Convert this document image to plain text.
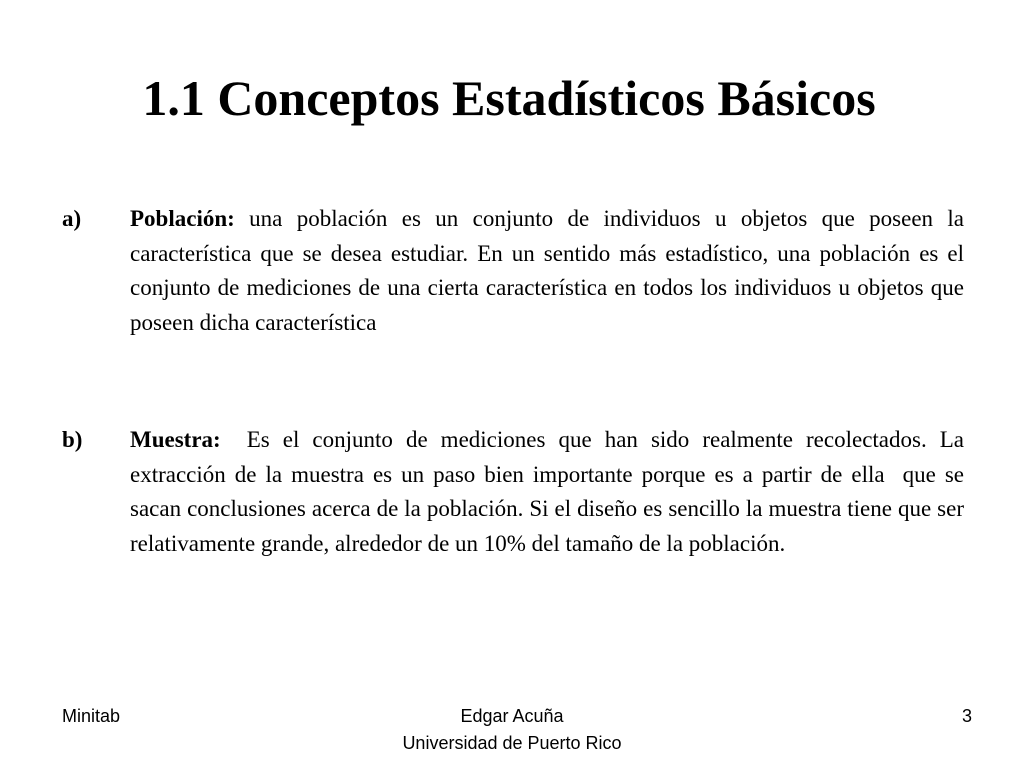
1.1 Conceptos Estadísticos Básicos
a) Población: una población es un conjunto de individuos u objetos que poseen la característica que se desea estudiar. En un sentido más estadístico, una población es el conjunto de mediciones de una cierta característica en todos los individuos u objetos que poseen dicha característica
b) Muestra:  Es el conjunto de mediciones que han sido realmente recolectados. La extracción de la muestra es un paso bien importante porque es a partir de ella  que se sacan conclusiones acerca de la población. Si el diseño es sencillo la muestra tiene que ser relativamente grande, alrededor de un 10% del tamaño de la población.
Minitab	Edgar Acuña
Universidad de Puerto Rico
3
